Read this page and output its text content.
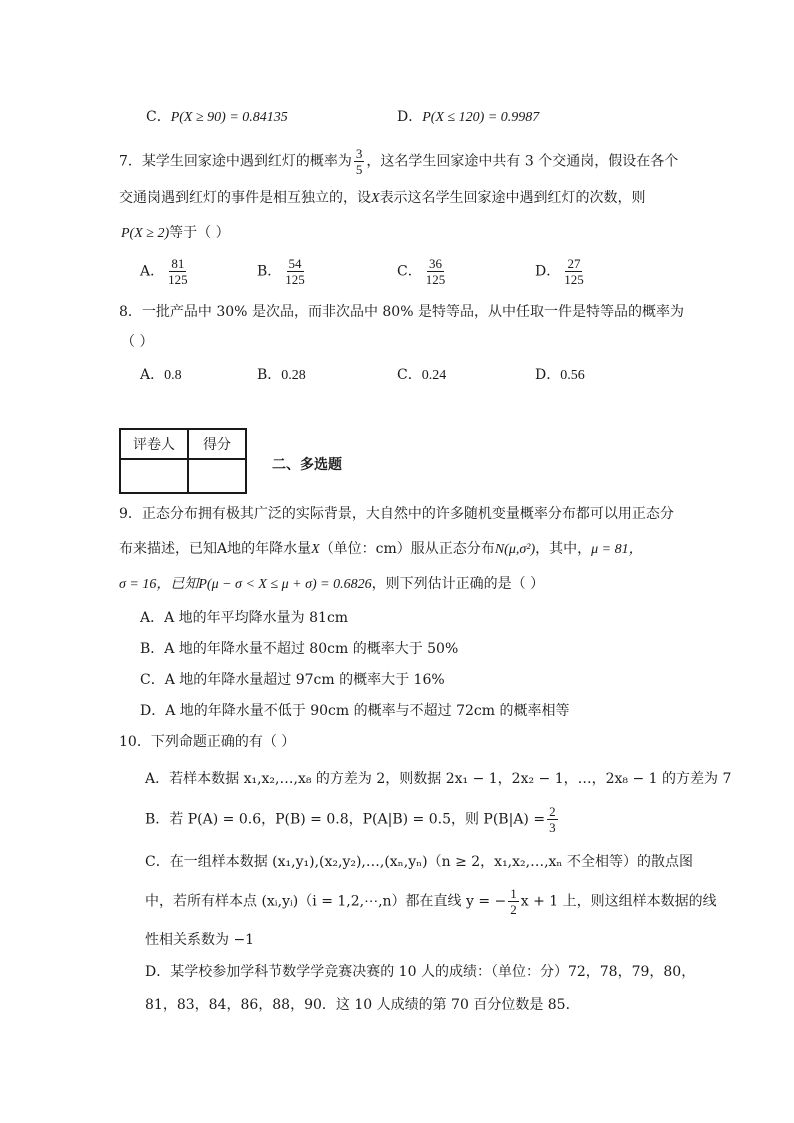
C．P(X ≥ 90) = 0.84135	D．P(X ≤ 120) = 0.9987
7．某学生回家途中遇到红灯的概率为 $\frac{3}{5}$ ，这名学生回家途中共有 3 个交通岗，假设在各个
交通岗遇到红灯的事件是相互独立的，设X表示这名学生回家途中遇到红灯的次数，则
P(X ≥ 2)等于（ ）
A． $\frac{81}{125}$	B． $\frac{54}{125}$	C． $\frac{36}{125}$	D． $\frac{27}{125}$
8．一批产品中 30% 是次品，而非次品中 80% 是特等品，从中任取一件是特等品的概率为
（ ）
A．0.8	B．0.28	C．0.24	D．0.56
评卷人	得分

二、多选题
9．正态分布拥有极其广泛的实际背景，大自然中的许多随机变量概率分布都可以用正态分
布来描述，已知A地的年降水量X（单位：cm）服从正态分布N(μ,σ²)，其中，μ = 81，
σ = 16，已知P(μ − σ < X ≤ μ + σ) = 0.6826，则下列估计正确的是（ ）
A．A 地的年平均降水量为 81cm
B．A 地的年降水量不超过 80cm 的概率大于 50%
C．A 地的年降水量超过 97cm 的概率大于 16%
D．A 地的年降水量不低于 90cm 的概率与不超过 72cm 的概率相等
10．下列命题正确的有（ ）
A．若样本数据 x₁,x₂,…,x₈ 的方差为 2，则数据 2x₁ − 1，2x₂ − 1，…，2x₈ − 1 的方差为 7
B．若 P(A) = 0.6，P(B) = 0.8，P(A|B) = 0.5，则 $P(B|A) = \frac{2}{3}$
C．在一组样本数据 (x₁,y₁),(x₂,y₂),…,(xₙ,yₙ)（n ≥ 2，x₁,x₂,…,xₙ 不全相等）的散点图
中，若所有样本点 (xᵢ,yᵢ)（i = 1,2,⋯,n）都在直线 y = − $\frac{1}{2}$ x + 1 上，则这组样本数据的线
性相关系数为 −1
D．某学校参加学科节数学学竞赛决赛的 10 人的成绩：（单位：分）72，78，79，80，
81，83，84，86，88，90．这 10 人成绩的第 70 百分位数是 85．
